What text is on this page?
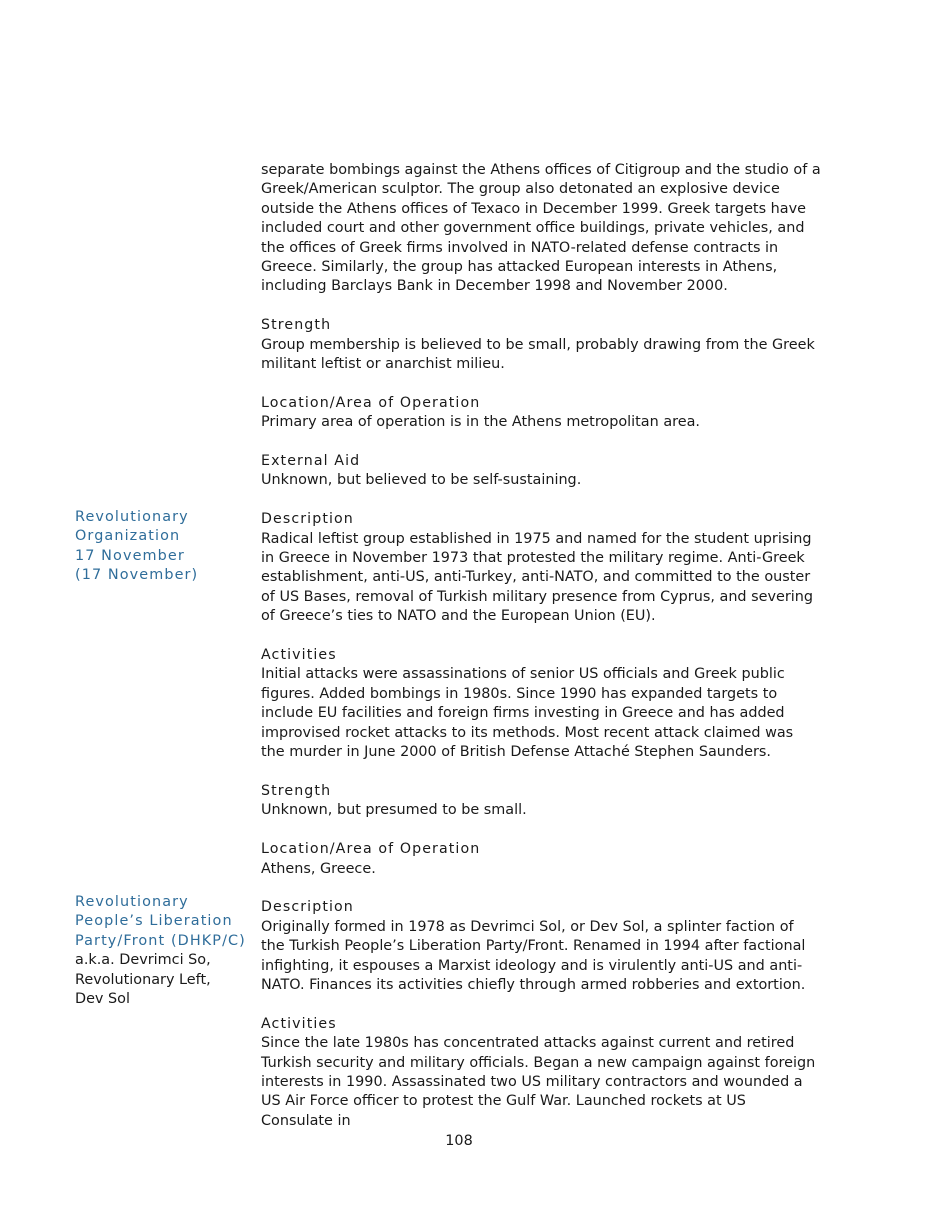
Revolutionary
Organization
17 November
(17 November)
Revolutionary
People’s Liberation
Party/Front (DHKP/C)
a.k.a. Devrimci So,
Revolutionary Left,
Dev Sol

separate bombings against the Athens offices of Citigroup and the studio of a Greek/American sculptor. The group also detonated an explosive device outside the Athens offices of Texaco in December 1999. Greek targets have included court and other government office buildings, private vehicles, and the offices of Greek firms involved in NATO-related defense contracts in Greece. Similarly, the group has attacked European interests in Athens, including Barclays Bank in December 1998 and November 2000.

Strength

Group membership is believed to be small, probably drawing from the Greek militant leftist or anarchist milieu.

Location/Area of Operation

Primary area of operation is in the Athens metropolitan area.

External Aid

Unknown, but believed to be self-sustaining.

Description

Radical leftist group established in 1975 and named for the student uprising in Greece in November 1973 that protested the military regime. Anti-Greek establishment, anti-US, anti-Turkey, anti-NATO, and committed to the ouster of US Bases, removal of Turkish military presence from Cyprus, and severing of Greece’s ties to NATO and the European Union (EU).

Activities

Initial attacks were assassinations of senior US officials and Greek public figures. Added bombings in 1980s. Since 1990 has expanded targets to include EU facilities and foreign firms investing in Greece and has added improvised rocket attacks to its methods. Most recent attack claimed was the murder in June 2000 of British Defense Attaché Stephen Saunders.

Strength

Unknown, but presumed to be small.

Location/Area of Operation

Athens, Greece.

Description

Originally formed in 1978 as Devrimci Sol, or Dev Sol, a splinter faction of the Turkish People’s Liberation Party/Front. Renamed in 1994 after factional infighting, it espouses a Marxist ideology and is virulently anti-US and anti-NATO. Finances its activities chiefly through armed robberies and extortion.

Activities

Since the late 1980s has concentrated attacks against current and retired Turkish security and military officials. Began a new campaign against foreign interests in 1990. Assassinated two US military contractors and wounded a US Air Force officer to protest the Gulf War. Launched rockets at US Consulate in

108
